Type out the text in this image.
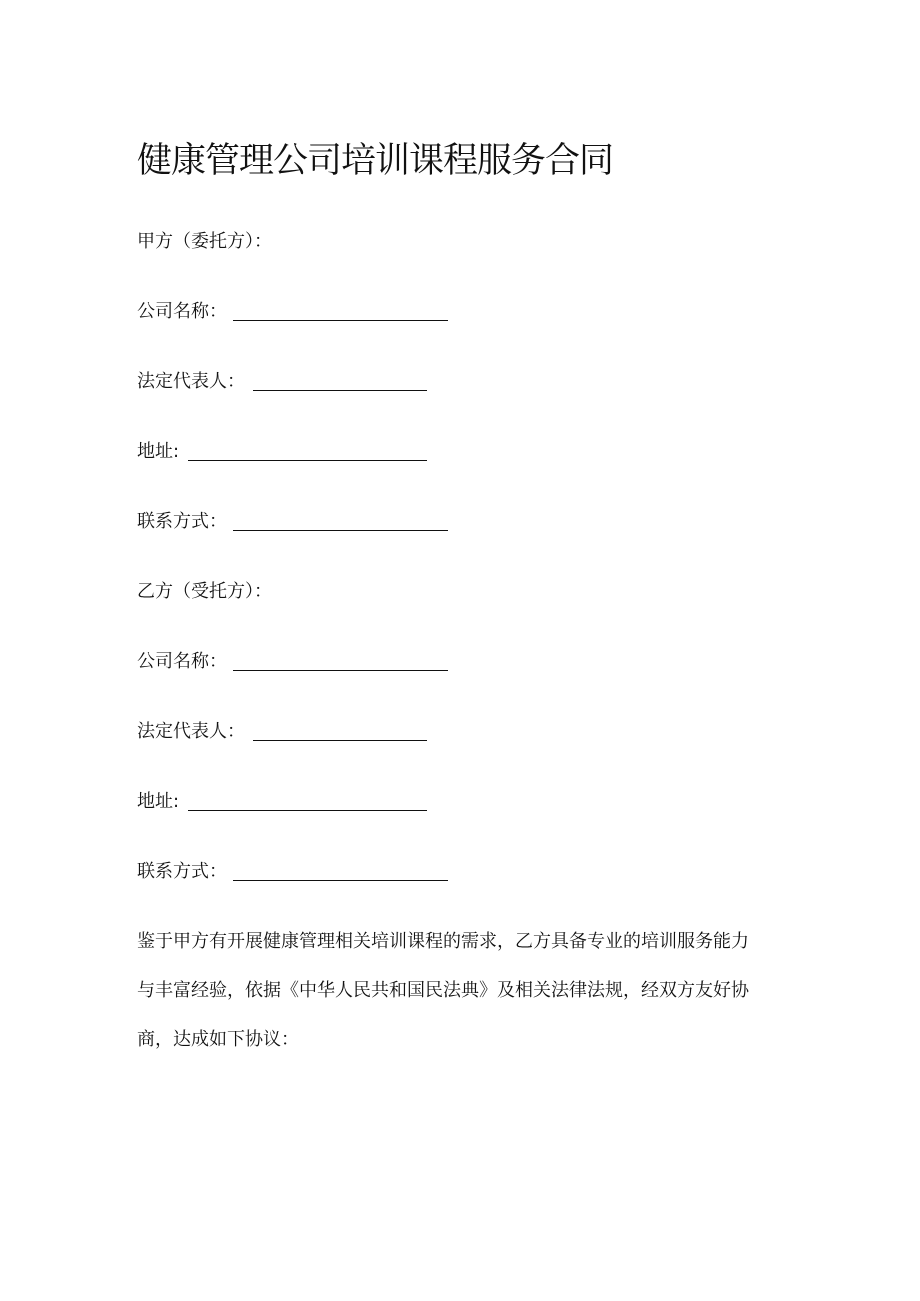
健康管理公司培训课程服务合同
甲方（委托方）：
公司名称：
法定代表人：
地址:
联系方式：
乙方（受托方）：
公司名称：
法定代表人：
地址:
联系方式：
鉴于甲方有开展健康管理相关培训课程的需求，乙方具备专业的培训服务能力
与丰富经验，依据《中华人民共和国民法典》及相关法律法规，经双方友好协
商，达成如下协议：
